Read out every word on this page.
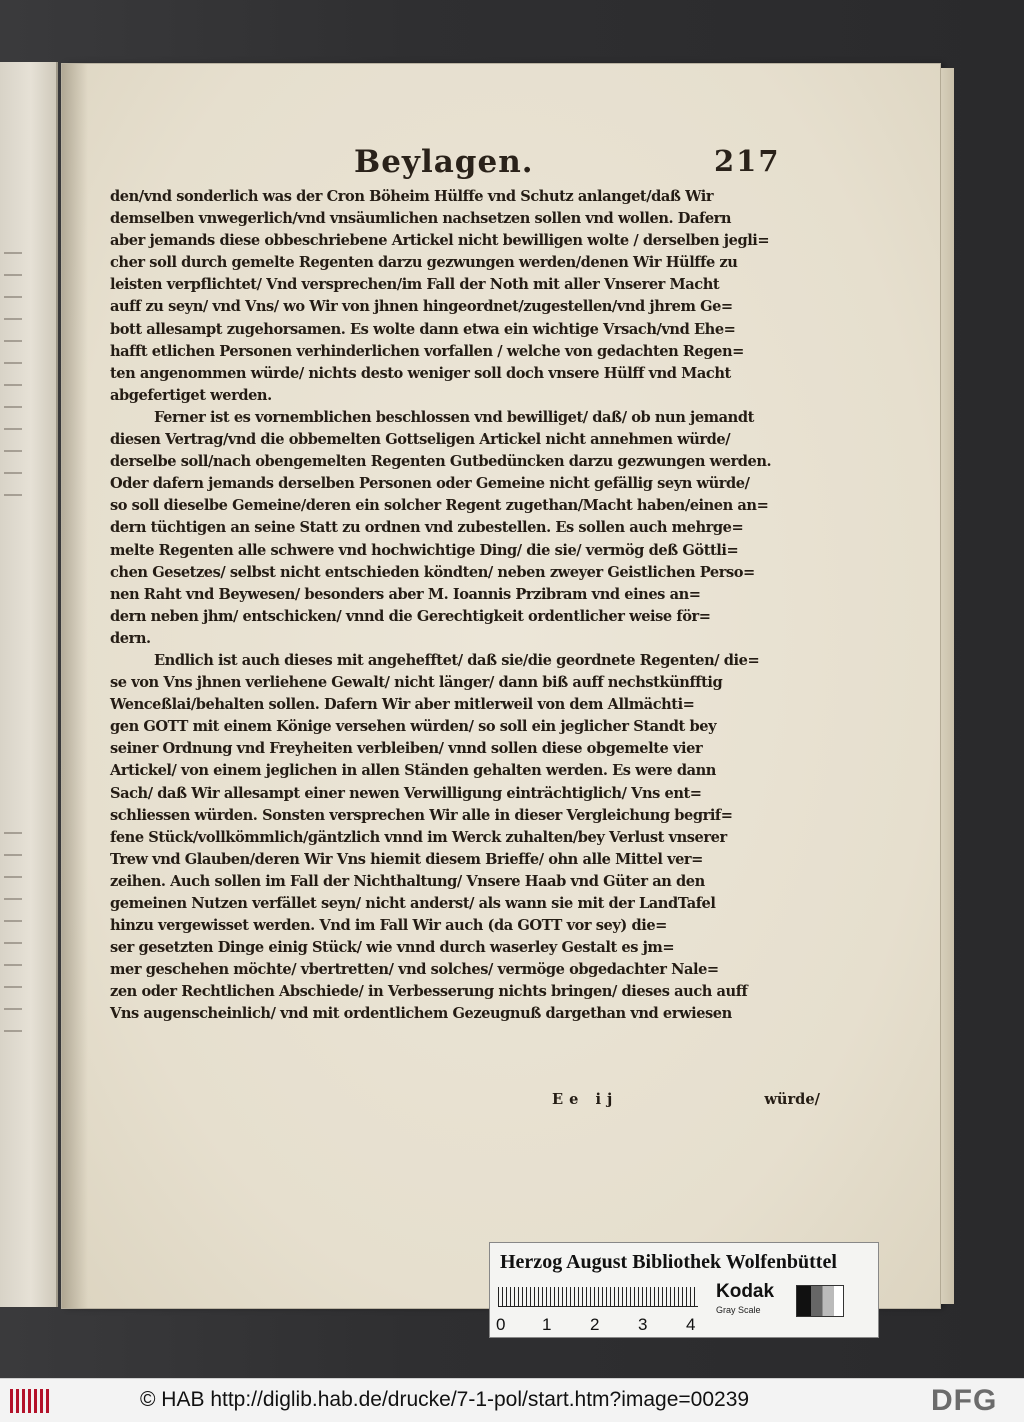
Beylagen.	217
den/vnd sonderlich was der Cron Böheim Hülffe vnd Schutz anlanget/daß Wir
demselben vnwegerlich/vnd vnsäumlichen nachsetzen sollen vnd wollen. Dafern
aber jemands diese obbeschriebene Artickel nicht bewilligen wolte / derselben jegli=
cher soll durch gemelte Regenten darzu gezwungen werden/denen Wir Hülffe zu
leisten verpflichtet/ Vnd versprechen/im Fall der Noth mit aller Vnserer Macht
auff zu seyn/ vnd Vns/ wo Wir von jhnen hingeordnet/zugestellen/vnd jhrem Ge=
bott allesampt zugehorsamen. Es wolte dann etwa ein wichtige Vrsach/vnd Ehe=
hafft etlichen Personen verhinderlichen vorfallen / welche von gedachten Regen=
ten angenommen würde/ nichts desto weniger soll doch vnsere Hülff vnd Macht
abgefertiget werden.
Ferner ist es vornemblichen beschlossen vnd bewilliget/ daß/ ob nun jemandt
diesen Vertrag/vnd die obbemelten Gottseligen Artickel nicht annehmen würde/
derselbe soll/nach obengemelten Regenten Gutbedüncken darzu gezwungen werden.
Oder dafern jemands derselben Personen oder Gemeine nicht gefällig seyn würde/
so soll dieselbe Gemeine/deren ein solcher Regent zugethan/Macht haben/einen an=
dern tüchtigen an seine Statt zu ordnen vnd zubestellen. Es sollen auch mehrge=
melte Regenten alle schwere vnd hochwichtige Ding/ die sie/ vermög deß Göttli=
chen Gesetzes/ selbst nicht entschieden köndten/ neben zweyer Geistlichen Perso=
nen Raht vnd Beywesen/ besonders aber M. Ioannis Przibram vnd eines an=
dern neben jhm/ entschicken/ vnnd die Gerechtigkeit ordentlicher weise för=
dern.
Endlich ist auch dieses mit angehefftet/ daß sie/die geordnete Regenten/ die=
se von Vns jhnen verliehene Gewalt/ nicht länger/ dann biß auff nechstkünfftig
Wenceßlai/behalten sollen. Dafern Wir aber mitlerweil von dem Allmächti=
gen GOTT mit einem Könige versehen würden/ so soll ein jeglicher Standt bey
seiner Ordnung vnd Freyheiten verbleiben/ vnnd sollen diese obgemelte vier
Artickel/ von einem jeglichen in allen Ständen gehalten werden. Es were dann
Sach/ daß Wir allesampt einer newen Verwilligung einträchtiglich/ Vns ent=
schliessen würden. Sonsten versprechen Wir alle in dieser Vergleichung begrif=
fene Stück/vollkömmlich/gäntzlich vnnd im Werck zuhalten/bey Verlust vnserer
Trew vnd Glauben/deren Wir Vns hiemit diesem Brieffe/ ohn alle Mittel ver=
zeihen. Auch sollen im Fall der Nichthaltung/ Vnsere Haab vnd Güter an den
gemeinen Nutzen verfället seyn/ nicht anderst/ als wann sie mit der LandTafel
hinzu vergewisset werden. Vnd im Fall Wir auch (da GOTT vor sey) die=
ser gesetzten Dinge einig Stück/ wie vnnd durch waserley Gestalt es jm=
mer geschehen möchte/ vbertretten/ vnd solches/ vermöge obgedachter Nale=
zen oder Rechtlichen Abschiede/ in Verbesserung nichts bringen/ dieses auch auff
Vns augenscheinlich/ vnd mit ordentlichem Gezeugnuß dargethan vnd erwiesen
Ee ij	würde/
Herzog August Bibliothek Wolfenbüttel
0 1 2 3 4
Kodak
Gray Scale
© HAB http://diglib.hab.de/drucke/7-1-pol/start.htm?image=00239	DFG
